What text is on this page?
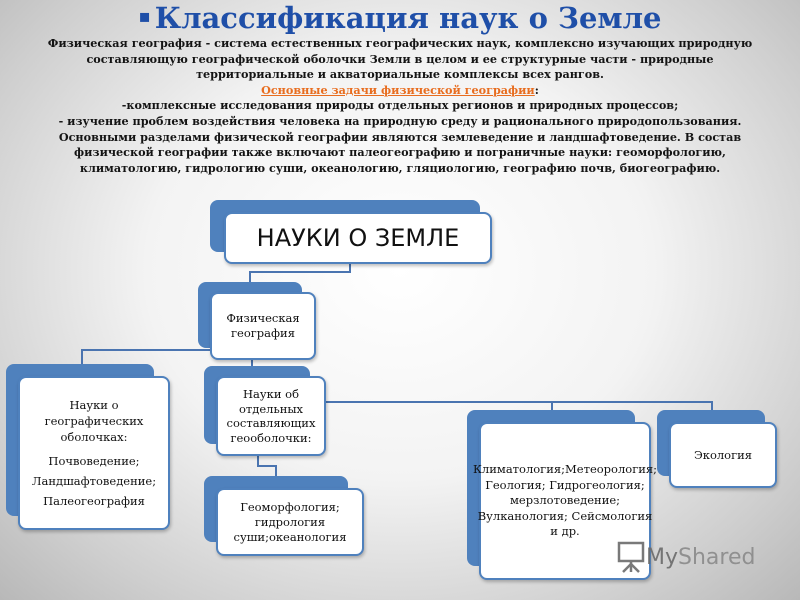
▪ Классификация наук о Земле

Физическая география - система естественных географических наук, комплексно изучающих природную

составляющую географической оболочки Земли в целом и ее структурные части - природные

территориальные и акваториальные комплексы всех рангов.

Основные задачи физической географии:

-комплексные исследования природы отдельных регионов и природных процессов;

- изучение проблем воздействия человека на природную среду и рационального природопользования.

Основными разделами физической географии являются землеведение и ландшафтоведение. В состав

физической географии также включают палеогеографию и пограничные науки: геоморфологию,

климатологию, гидрологию суши, океанологию, гляциологию, географию почв, биогеографию.

НАУКИ О ЗЕМЛЕ
Физическая география
Науки о географических оболочках:
Почвоведение;
Ландшафтоведение;
Палеогеография
Науки об отдельных составляющих геооболочки:
Геоморфология; гидрология суши;океанология
Климатология;Метеорология; Геология; Гидрогеология; мерзлотоведение; Вулканология; Сейсмология и др.
Экология
My Shared
